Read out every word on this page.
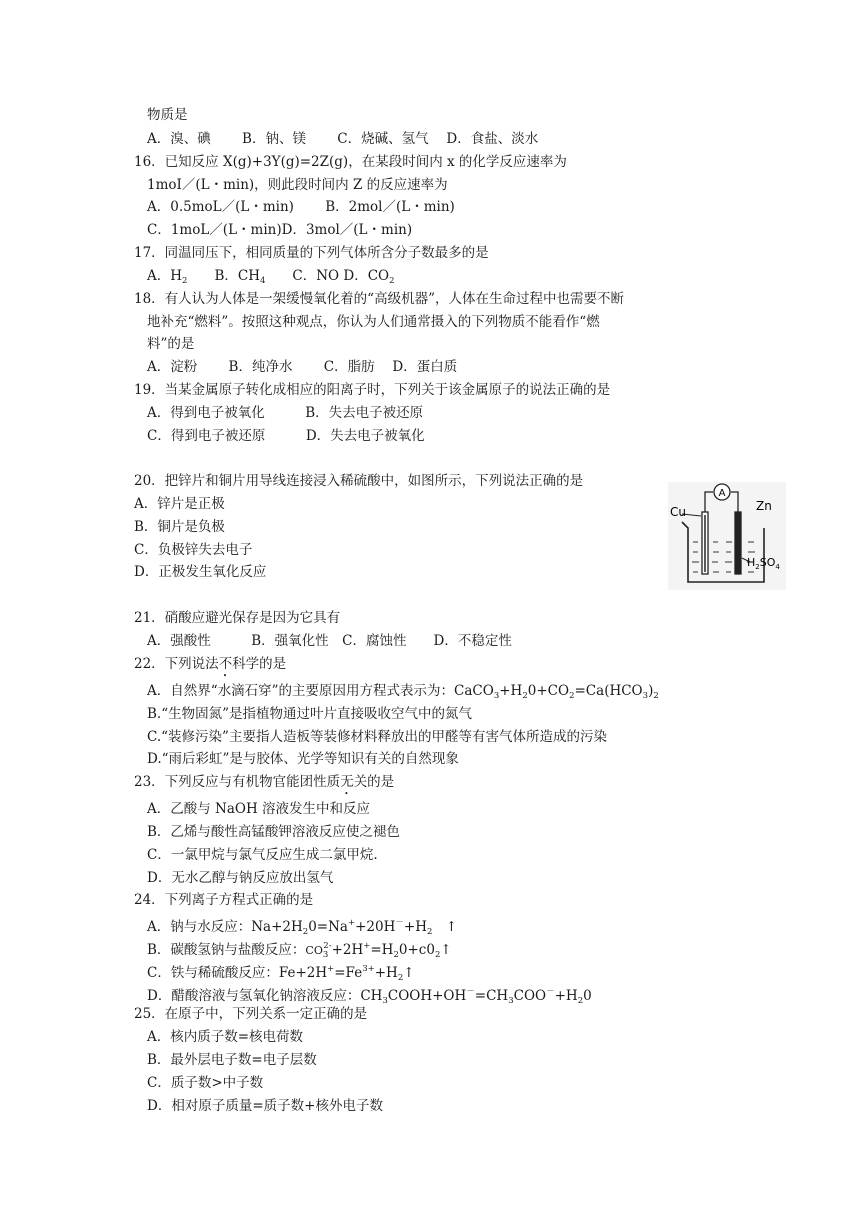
物质是
A．溴、碘　　 B．钠、镁　　 C．烧碱、氢气　 D．食盐、淡水
16．已知反应 X(g)+3Y(g)=2Z(g)，在某段时间内 x 的化学反应速率为
1moI／(L・min)，则此段时间内 Z 的反应速率为
A．0.5moL／(L・min)　　 B．2mol／(L・min)
C．1moL／(L・min)D．3mol／(L・min)
17．同温同压下，相同质量的下列气体所含分子数最多的是
A．$H_2$　　B．$CH_4$　　C．NO D．$CO_2$
18．有人认为人体是一架缓慢氧化着的“高级机器”，人体在生命过程中也需要不断
地补充“燃料”。按照这种观点，你认为人们通常摄入的下列物质不能看作“燃
料”的是
A．淀粉　　 B．纯净水　　 C．脂肪　 D．蛋白质
19．当某金属原子转化成相应的阳离子时，下列关于该金属原子的说法正确的是
A．得到电子被氧化　　　B．失去电子被还原
C．得到电子被还原　　　D．失去电子被氧化
20．把锌片和铜片用导线连接浸入稀硫酸中，如图所示，下列说法正确的是
A．锌片是正极
B．铜片是负极
C．负极锌失去电子
D．正极发生氧化反应
A
Cu	Zn
$H_2SO_4$
21．硝酸应避光保存是因为它具有
A．强酸性　　　B．强氧化性　C．腐蚀性　　D．不稳定性
22．下列说法不科学的是
A．自然界“水滴石穿”的主要原因用方程式表示为：$CaCO_3+H_20+CO_2=Ca(HCO_3)_2$
B.“生物固氮”是指植物通过叶片直接吸收空气中的氮气
C.“装修污染”主要指人造板等装修材料释放出的甲醛等有害气体所造成的污染
D.“雨后彩虹”是与胶体、光学等知识有关的自然现象
23．下列反应与有机物官能团性质无关的是
A．乙酸与 NaOH 溶液发生中和反应
B．乙烯与酸性高锰酸钾溶液反应使之褪色
C．一氯甲烷与氯气反应生成二氯甲烷.
D．无水乙醇与钠反应放出氢气
24．下列离子方程式正确的是
A．钠与水反应：$Na+2H_20=Na^++20H^-+H_2$　↑
B．碳酸氢钠与盐酸反应：$CO_3^{2-}+2H^+=H_20+c0_2↑$
C．铁与稀硫酸反应：$Fe+2H^+=Fe^{3+}+H_2↑$
D．醋酸溶液与氢氧化钠溶液反应：$CH_3COOH+OH^-=CH_3COO^-+H_20$
25．在原子中，下列关系一定正确的是
A．核内质子数=核电荷数
B．最外层电子数=电子层数
C．质子数>中子数
D．相对原子质量=质子数+核外电子数
